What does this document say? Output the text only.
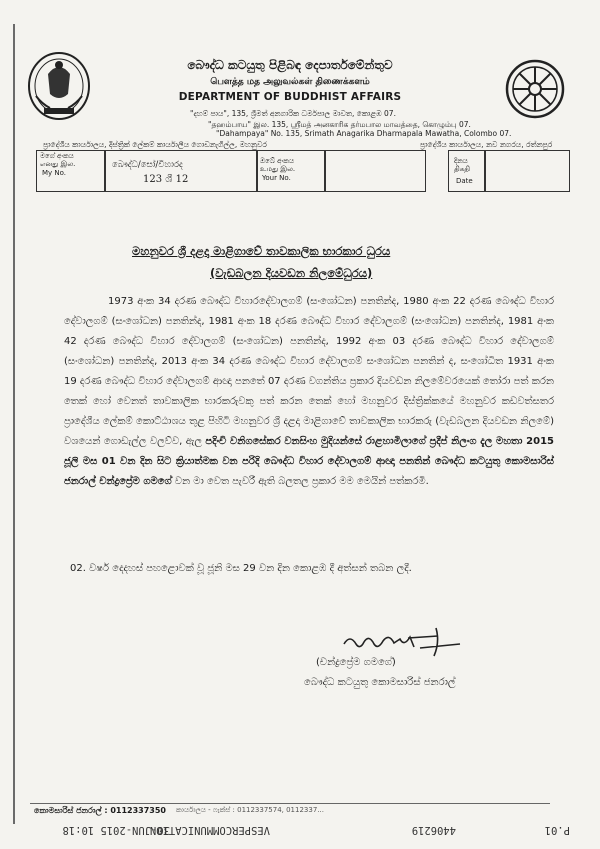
බෞද්ධ කටයුතු පිළිබඳ දෙපාර්තමේන්තුව
பௌத்த மத அலுவல்கள் திணைக்களம்
DEPARTMENT OF BUDDHIST AFFAIRS
"දහම් පාය", 135, ශ්‍රීමත් අනගාරික ධර්මපාල මාවත, කොළඹ 07.
"தஹம்பாய" இல. 135, ஸ்ரீமத் அனகாரிக தர்மபால மாவத்தை, கொழும்பு 07.
"Dahampaya" No. 135, Srimath Anagarika Dharmapala Mawatha, Colombo 07.
ප්‍රාදේශීය කාර්යාලය, දිස්ත්‍රික් ලේකම් කාර්යාලීය ගොඩනැගිල්ල, මහනුවර	ප්‍රාදේශීය කාර්යාලය, නව නගරය, රත්නපුර
මගේ අංකය
எனது இல.
My No.
බෞද්ධ/සෝ/විහාරද
123 ශී 12
ඔබේ අංකය
உமது இல.
Your No.
දිනය
திகதி
Date
මහනුවර ශ්‍රී දළදා මාළිගාවේ තාවකාලික භාරකාර ධුරය
(වැඩබලන දියවඩන නිලමේධුරය)
1973 අංක 34 දරණ බෞද්ධ විහාරදේවාලගම් (සංශෝධන) පනතින්ද, 1980 අංක 22 දරණ බෞද්ධ විහාර දේවාලගම් (සංශෝධන) පනතින්ද, 1981 අංක 18 දරණ බෞද්ධ විහාර දේවාලගම් (සංශෝධන) පනතින්ද, 1981 අංක 42 දරණ බෞද්ධ විහාර දේවාලගම් (සංශෝධන) පනතින්ද, 1992 අංක 03 දරණ බෞද්ධ විහාර දේවාලගම් (සංශෝධන) පනතින්ද, 2013 අංක 34 දරණ බෞද්ධ විහාර දේවාලගම් සංශෝධන පනතින් ද, සංශෝධිත 1931 අංක 19 දරණ බෞද්ධ විහාර දේවාලගම් ආඥා පනතේ 07 දරණ වගන්තිය ප්‍රකාර දියවඩන නිලමේවරයෙක් තෝරා පත් කරන තෙක් හෝ වෙනත් තාවකාලික භාරකරුවකු පත් කරන තෙක් හෝ මහනුවර දිස්ත්‍රික්කයේ මහනුවර කඩවත්සතර ප්‍රාදේශීය ලේකම් කොට්ඨාශය තුළ පිහිටි මහනුවර ශ්‍රී දළදා මාළිගාවේ තාවකාලික භාරකරු (වැඩබලන දියවඩන නිලමේ) වශයෙන් ගොඩැල්ල වලව්ව, ඇල පදිංචි වනිගසේකර වනසිංහ මුදියන්සේ රාළහාමිලාගේ ප්‍රදීප් නිලංග දැල මහතා 2015 ජූලි මස 01 වන දින සිට ක්‍රියාත්මක වන පරිදි බෞද්ධ විහාර දේවාලගම් ආඥා පනතින් බෞද්ධ කටයුතු කොමසාරිස් ජනරාල් චන්ද්‍රප්‍රේම ගමගේ වන මා වෙත පැවරී ඇති බලතල ප්‍රකාර මම මෙයින් පත්කරමි.
02. වර්ෂ දෙදහස් පහළොවක් වූ ජූනි මස 29 වන දින කොළඹ දී අත්සන් තබන ලදී.
(චන්ද්‍රප්‍රේම ගමගේ)
බෞද්ධ කටයුතු කොමසාරිස් ජනරාල්
කොමසාරිස් ජනරාල් : 0112337350 කාර්යාලය - ෆැක්ස් : 0112337574, 0112337...
P.01
4406219
VESPERCOMMUNICATION
30-JUN-2015 10:18
